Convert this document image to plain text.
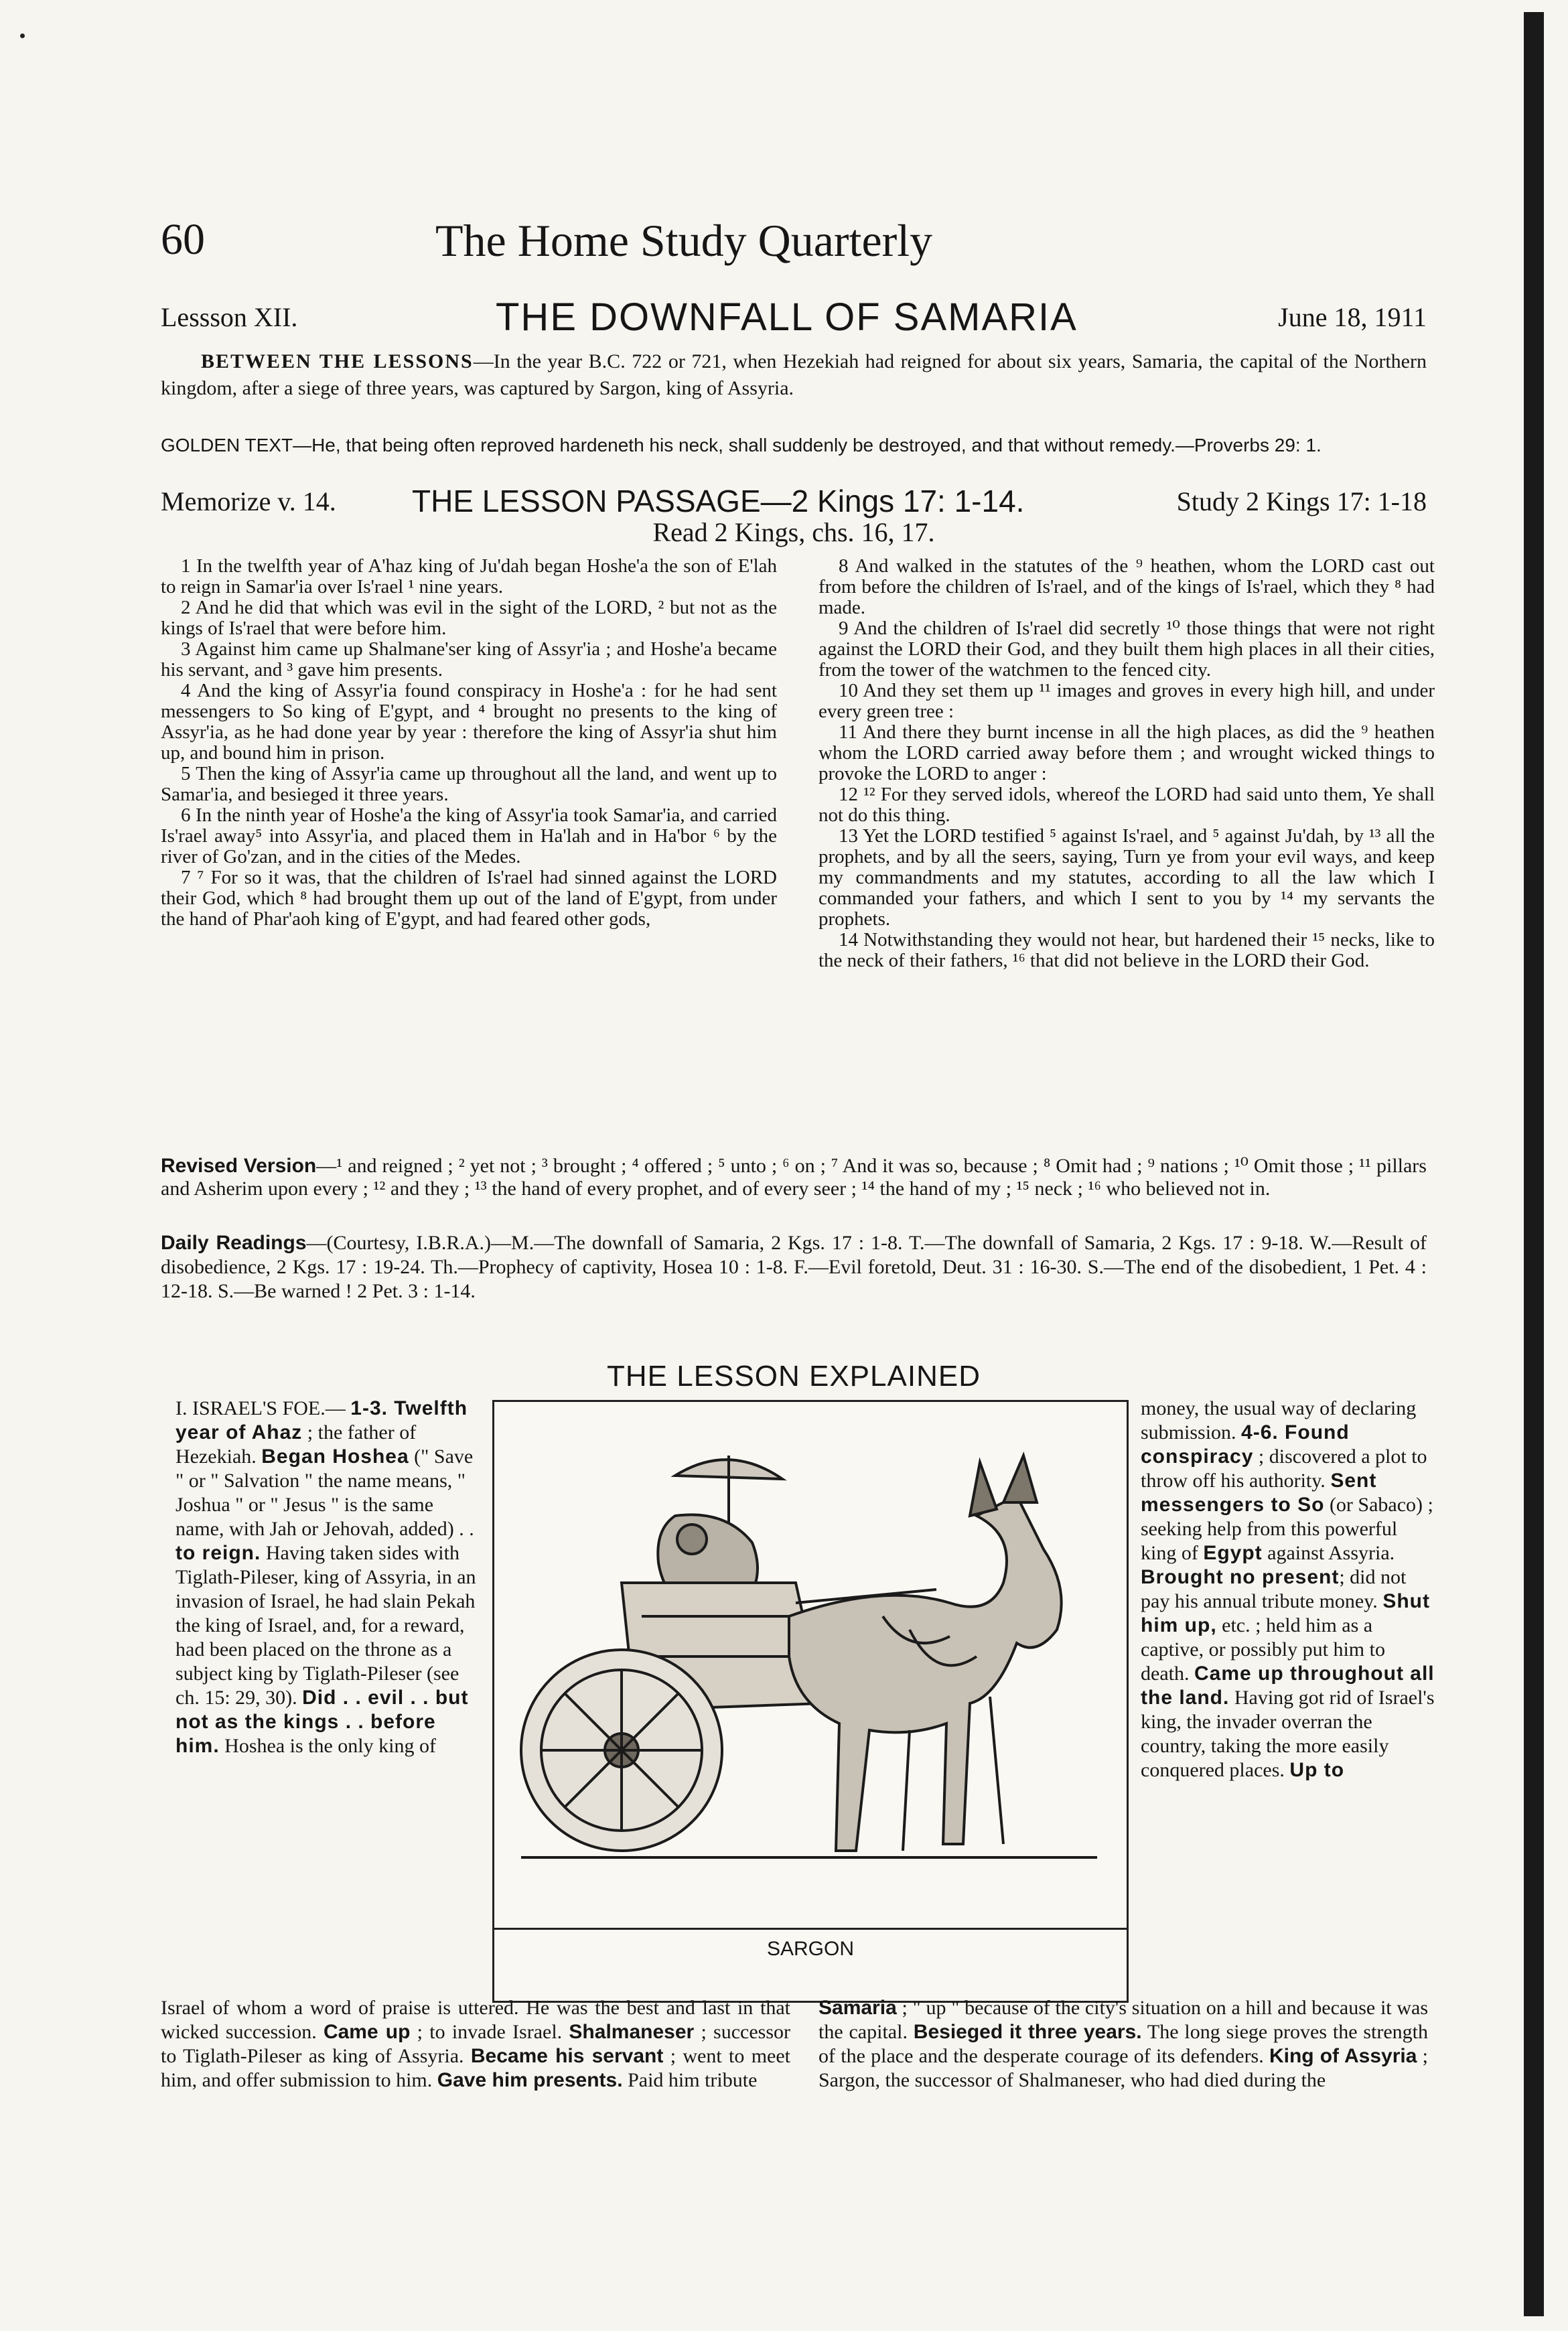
60	The Home Study Quarterly
Lessson XII.	THE DOWNFALL OF SAMARIA	June 18, 1911
BETWEEN THE LESSONS—In the year B.C. 722 or 721, when Hezekiah had reigned for about six years, Samaria, the capital of the Northern kingdom, after a siege of three years, was captured by Sargon, king of Assyria.
GOLDEN TEXT—He, that being often reproved hardeneth his neck, shall suddenly be destroyed, and that without remedy.—Proverbs 29: 1.
Memorize v. 14. THE LESSON PASSAGE—2 Kings 17: 1-14.	Study 2 Kings 17: 1-18
Read 2 Kings, chs. 16, 17.

1 In the twelfth year of A'haz king of Ju'dah began Hoshe'a the son of E'lah to reign in Samar'ia over Is'rael ¹ nine years.

2 And he did that which was evil in the sight of the LORD, ² but not as the kings of Is'rael that were before him.

3 Against him came up Shalmane'ser king of Assyr'ia ; and Hoshe'a became his servant, and ³ gave him presents.

4 And the king of Assyr'ia found conspiracy in Hoshe'a : for he had sent messengers to So king of E'gypt, and ⁴ brought no presents to the king of Assyr'ia, as he had done year by year : therefore the king of Assyr'ia shut him up, and bound him in prison.

5 Then the king of Assyr'ia came up throughout all the land, and went up to Samar'ia, and besieged it three years.

6 In the ninth year of Hoshe'a the king of Assyr'ia took Samar'ia, and carried Is'rael away⁵ into Assyr'ia, and placed them in Ha'lah and in Ha'bor ⁶ by the river of Go'zan, and in the cities of the Medes.

7 ⁷ For so it was, that the children of Is'rael had sinned against the LORD their God, which ⁸ had brought them up out of the land of E'gypt, from under the hand of Phar'aoh king of E'gypt, and had feared other gods,

8 And walked in the statutes of the ⁹ heathen, whom the LORD cast out from before the children of Is'rael, and of the kings of Is'rael, which they ⁸ had made.

9 And the children of Is'rael did secretly ¹⁰ those things that were not right against the LORD their God, and they built them high places in all their cities, from the tower of the watchmen to the fenced city.

10 And they set them up ¹¹ images and groves in every high hill, and under every green tree :

11 And there they burnt incense in all the high places, as did the ⁹ heathen whom the LORD carried away before them ; and wrought wicked things to provoke the LORD to anger :

12 ¹² For they served idols, whereof the LORD had said unto them, Ye shall not do this thing.

13 Yet the LORD testified ⁵ against Is'rael, and ⁵ against Ju'dah, by ¹³ all the prophets, and by all the seers, saying, Turn ye from your evil ways, and keep my commandments and my statutes, according to all the law which I commanded your fathers, and which I sent to you by ¹⁴ my servants the prophets.

14 Notwithstanding they would not hear, but hardened their ¹⁵ necks, like to the neck of their fathers, ¹⁶ that did not believe in the LORD their God.

Revised Version—¹ and reigned ; ² yet not ; ³ brought ; ⁴ offered ; ⁵ unto ; ⁶ on ; ⁷ And it was so, because ; ⁸ Omit had ; ⁹ nations ; ¹⁰ Omit those ; ¹¹ pillars and Asherim upon every ; ¹² and they ; ¹³ the hand of every prophet, and of every seer ; ¹⁴ the hand of my ; ¹⁵ neck ; ¹⁶ who believed not in.
Daily Readings—(Courtesy, I.B.R.A.)—M.—The downfall of Samaria, 2 Kgs. 17 : 1-8. T.—The downfall of Samaria, 2 Kgs. 17 : 9-18. W.—Result of disobedience, 2 Kgs. 17 : 19-24. Th.—Prophecy of captivity, Hosea 10 : 1-8. F.—Evil foretold, Deut. 31 : 16-30. S.—The end of the disobedient, 1 Pet. 4 : 12-18. S.—Be warned ! 2 Pet. 3 : 1-14.
THE LESSON EXPLAINED

I. ISRAEL'S FOE.— 1-3. Twelfth year of Ahaz ; the father of Hezekiah. Began Hoshea (" Save " or " Salvation " the name means, " Joshua " or " Jesus " is the same name, with Jah or Jehovah, added) . . to reign. Having taken sides with Tiglath-Pileser, king of Assyria, in an invasion of Israel, he had slain Pekah the king of Israel, and, for a reward, had been placed on the throne as a subject king by Tiglath-Pileser (see ch. 15: 29, 30). Did . . evil . . but not as the kings . . before him. Hoshea is the only king of

SARGON

money, the usual way of declaring submission. 4-6. Found conspiracy ; discovered a plot to throw off his authority. Sent messengers to So (or Sabaco) ; seeking help from this powerful king of Egypt against Assyria. Brought no present; did not pay his annual tribute money. Shut him up, etc. ; held him as a captive, or possibly put him to death. Came up throughout all the land. Having got rid of Israel's king, the invader overran the country, taking the more easily conquered places. Up to

Israel of whom a word of praise is uttered. He was the best and last in that wicked succession. Came up ; to invade Israel. Shalmaneser ; successor to Tiglath-Pileser as king of Assyria. Became his servant ; went to meet him, and offer submission to him. Gave him presents. Paid him tribute

Samaria ; " up " because of the city's situation on a hill and because it was the capital. Besieged it three years. The long siege proves the strength of the place and the desperate courage of its defenders. King of Assyria ; Sargon, the successor of Shalmaneser, who had died during the
